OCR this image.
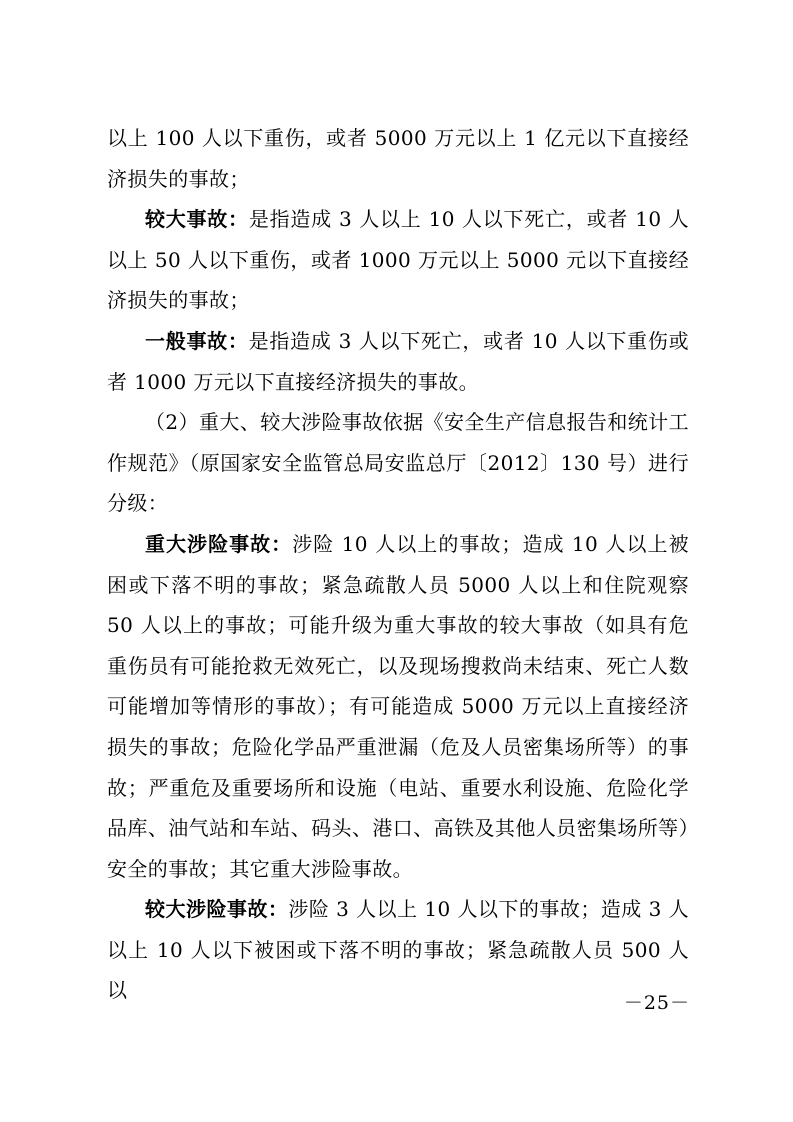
以上 100 人以下重伤，或者 5000 万元以上 1 亿元以下直接经济损失的事故；

较大事故：是指造成 3 人以上 10 人以下死亡，或者 10 人以上 50 人以下重伤，或者 1000 万元以上 5000 元以下直接经济损失的事故；

一般事故：是指造成 3 人以下死亡，或者 10 人以下重伤或者 1000 万元以下直接经济损失的事故。

（2）重大、较大涉险事故依据《安全生产信息报告和统计工作规范》（原国家安全监管总局安监总厅〔2012〕130 号）进行分级：

重大涉险事故：涉险 10 人以上的事故；造成 10 人以上被困或下落不明的事故；紧急疏散人员 5000 人以上和住院观察 50 人以上的事故；可能升级为重大事故的较大事故（如具有危重伤员有可能抢救无效死亡，以及现场搜救尚未结束、死亡人数可能增加等情形的事故）；有可能造成 5000 万元以上直接经济损失的事故；危险化学品严重泄漏（危及人员密集场所等）的事故；严重危及重要场所和设施（电站、重要水利设施、危险化学品库、油气站和车站、码头、港口、高铁及其他人员密集场所等）安全的事故；其它重大涉险事故。

较大涉险事故：涉险 3 人以上 10 人以下的事故；造成 3 人以上 10 人以下被困或下落不明的事故；紧急疏散人员 500 人以

－25－
